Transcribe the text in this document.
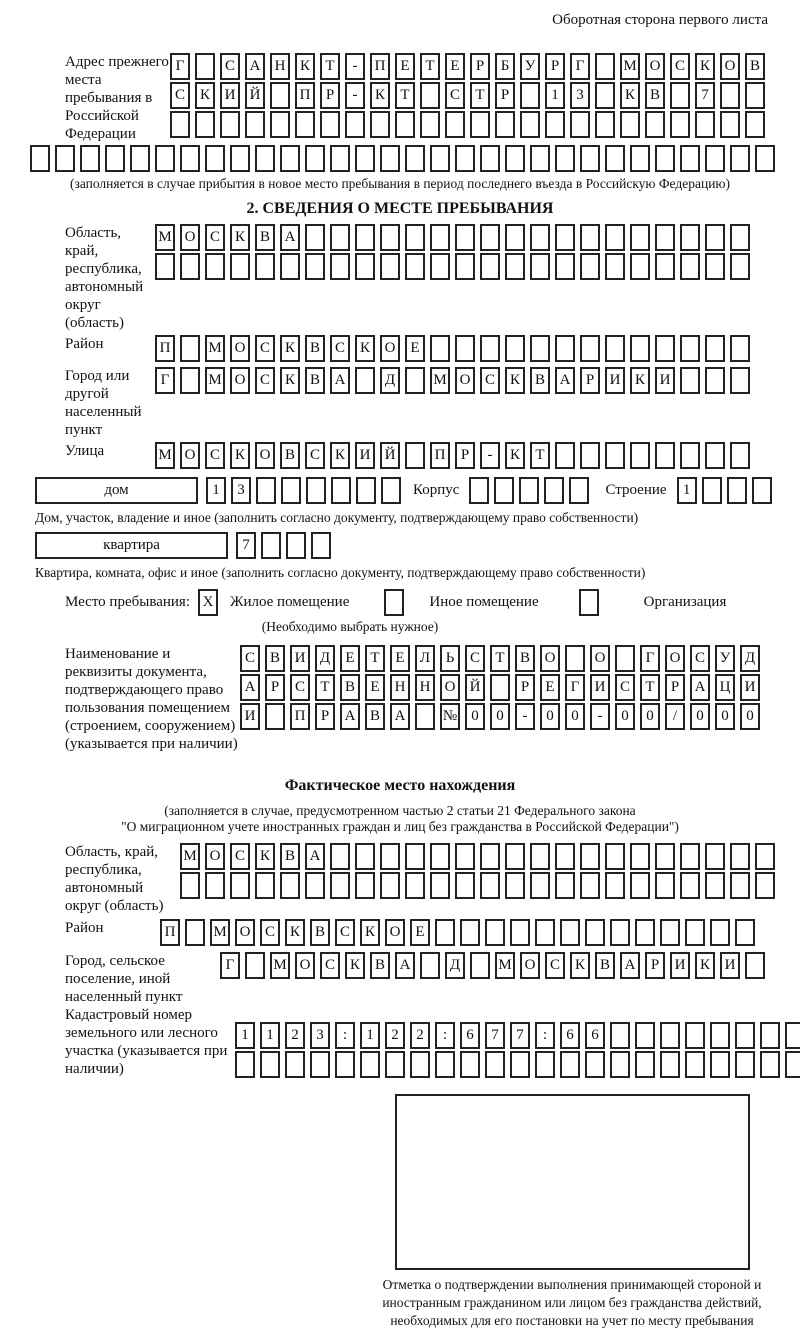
Оборотная сторона первого листа
Адрес прежнего места пребывания в Российской Федерации
Г	С А Н К	Т	-	П Е	Т	Е	Р	Б	У	Р	Г	М О С К О В
С К И Й	П	Р	-	К	Т	С	Т	Р	1	3	К В	7
(заполняется в случае прибытия в новое место пребывания в период последнего въезда в Российскую Федерацию)
2. СВЕДЕНИЯ О МЕСТЕ ПРЕБЫВАНИЯ
Область, край, республика, автономный округ (область)
М О С К В А
Район	П	М О С К В С К О Е
Город или другой населенный пункт
Г	М О С К В А	Д	М О С К В А	Р	И К И
Улица	М О С К О В С К И Й	П	Р	-	К	Т
дом	1	3	Корпус	Строение	1
Дом, участок, владение и иное (заполнить согласно документу, подтверждающему право собственности)
квартира	7
Квартира, комната, офис и иное (заполнить согласно документу, подтверждающему право собственности)
Место пребывания: X	Жилое помещение	Иное помещение	Организация
(Необходимо выбрать нужное)
Наименование и реквизиты документа, подтверждающего право пользования помещением (строением, сооружением) (указывается при наличии)
С В И Д	Е	Т	Е	Л	Ь	С	Т	В О	О	Г	О С У Д
А	Р	С	Т	В	Е	Н Н О Й	Р	Е	Г	И С	Т	Р	А Ц И
И	П	Р	А В А	№ 0	0	-	0	0	-	0	0	/	0	0	0
Фактическое место нахождения
(заполняется в случае, предусмотренном частью 2 статьи 21 Федерального закона
"О миграционном учете иностранных граждан и лиц без гражданства в Российской Федерации")
Область, край, республика, автономный округ (область)
М О С К В А
Район	П	М О С К В С К О Е
Город, сельское поселение, иной населенный пункт
Г	М О С К В А	Д	М О С К В А	Р	И К И
Кадастровый номер земельного или лесного участка (указывается при наличии)
1	1	2	3	:	1	2	2	:	6	7	7	:	6	6
Отметка о подтверждении выполнения принимающей стороной и иностранным гражданином или лицом без гражданства действий, необходимых для его постановки на учет по месту пребывания
